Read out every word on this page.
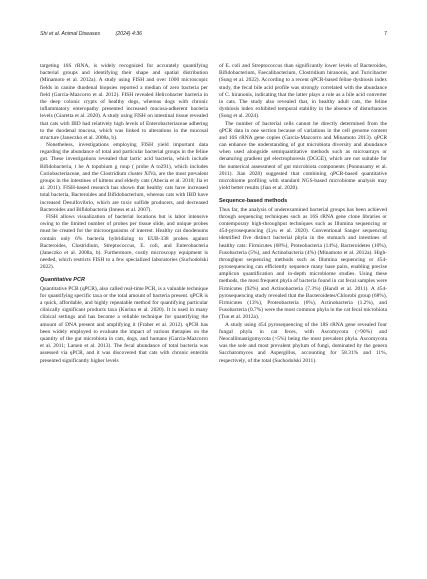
Shi et al. Animal Diseases	(2024) 4:36	7

targeting 16S rRNA, is widely recognized for accurately quantifying bacterial groups and identifying their shape and spatial distribution (Minamoto et al. 2012a). A study using FISH and over 1000 microscopic fields in canine duodenal biopsies reported a median of zero bacteria per field (Garcia-Mazcorro et al. 2012). FISH revealed Helicobacter bacteria in the deep colonic crypts of healthy dogs, whereas dogs with chronic inflammatory enteropathy presented increased mucosa-adherent bacteria levels (Giaretta et al. 2020). A study using FISH on intestinal tissue revealed that cats with IBD had relatively high levels of Enterobacteriaceae adhering to the duodenal mucosa, which was linked to alterations in the mucosal structure (Janeczko et al. 2008a, b).

Nonetheless, investigations employing FISH yield important data regarding the abundance of total and particular bacterial groups in the feline gut. These investigations revealed that lactic acid bacteria, which include Bifidobacteria, t he A topobium g roup ( probe A to291), which includes Coriobacteriaceae, and the Clostridium cluster XIVa, are the most prevalent groups in the intestines of kittens and elderly cats (Abecia et al. 2010; Jia et al. 2011). FISH-based research has shown that healthy cats have increased total bacteria, Bacteroides and Bifidobacterium, whereas cats with IBD have increased Desulfovibrio, which are toxic sulfide producers, and decreased Bacteroides and Bifidobacteria (Inness et al. 2007).

FISH allows visualization of bacterial locations but is labor intensive owing to the limited number of probes per tissue slide, and unique probes must be created for the microorganisms of interest. Healthy cat duodenums contain only 6% bacteria hybridizing to EUB-338 probes against Bacteroides, Clostridium, Streptococcus, E. coli, and Enterobacteria (Janeczko et al. 2008a, b). Furthermore, costly microscopy equipment is needed, which restricts FISH to a few specialized laboratories (Suchodolski 2022).

Quantitative PCR

Quantitative PCR (qPCR), also called real-time PCR, is a valuable technique for quantifying specific taxa or the total amount of bacteria present. qPCR is a quick, affordable, and highly repeatable method for quantifying particular clinically significant products taxa (Kurina et al. 2020). It is used in many clinical settings and has become a reliable technique for quantifying the amount of DNA present and amplifying it (Fraher et al. 2012). qPCR has been widely employed to evaluate the impact of various therapies on the quantity of the gut microbiota in cats, dogs, and humans (Garcia-Mazcorro et al. 2011; Larsen et al. 2013). The fecal abundance of total bacteria was assessed via qPCR, and it was discovered that cats with chronic enteritis presented significantly higher levels

of E. coli and Streptococcus than significantly lower levels of Bacteroides, Bifidobacterium, Faecalibacterium, Clostridium hiranonis, and Turicibacter (Sung et al. 2022). According to a recent qPCR-based feline dysbiosis index study, the fecal bile acid profile was strongly correlated with the abundance of C. hiranonis, indicating that the latter plays a role as a bile acid converter in cats. The study also revealed that, in healthy adult cats, the feline dysbiosis index exhibited temporal stability in the absence of disturbances (Sung et al. 2024).

The number of bacterial cells cannot be directly determined from the qPCR data in one section because of variations in the cell genome content and 16S rRNA gene copies (Garcia-Mazcorro and Minamoto 2013). qPCR can enhance the understanding of gut microbiota diversity and abundance when used alongside semiquantitative methods such as microarrays or denaturing gradient gel electrophoresis (DGGE), which are not suitable for the numerical assessment of gut microbiota components (Ponnusamy et al. 2011). Jian 2020) suggested that combining qPCR-based quantitative microbiome profiling with standard NGS-based microbiome analysis may yield better results (Jian et al. 2020).

Sequence-based methods

Thus far, the analysis of underexamined bacterial groups has been achieved through sequencing techniques such as 16S rRNA gene clone libraries or contemporary high-throughput techniques such as Illumina sequencing or 454-pyrosequencing (Lyu et al. 2020). Conventional Sanger sequencing identified five distinct bacterial phyla in the stomach and intestines of healthy cats: Firmicutes (68%), Proteobacteria (14%), Bacteroidetes (10%), Fusobacteria (5%), and Actinobacteria (4%) (Minamoto et al. 2012a). High-throughput sequencing methods such as Illumina sequencing or 454-pyrosequencing can efficiently sequence many base pairs, enabling precise amplicon quantification and in-depth microbiome studies. Using these methods, the most frequent phyla of bacteria found in cat fecal samples were Firmicutes (92%) and Actinobacteria (7.3%) (Handl et al. 2011). A 454-pyrosequencing study revealed that the Bacteroidetes/Chlorobi group (68%), Firmicutes (13%), Proteobacteria (6%), Actinobacteria (1.2%), and Fusobacteria (0.7%) were the most common phyla in the cat fecal microbiota (Tun et al. 2012a).

A study using 454 pyrosequencing of the 18S rRNA gene revealed four fungal phyla in cat feces, with Ascomycota (>90%) and Neocallimastigomycota (>5%) being the most prevalent phyla. Ascomycota was the sole and most prevalent phylum of fungi, dominated by the genera Saccharomyces and Aspergillus, accounting for 58.31% and 11%, respectively, of the total (Suchodolski 2011).
